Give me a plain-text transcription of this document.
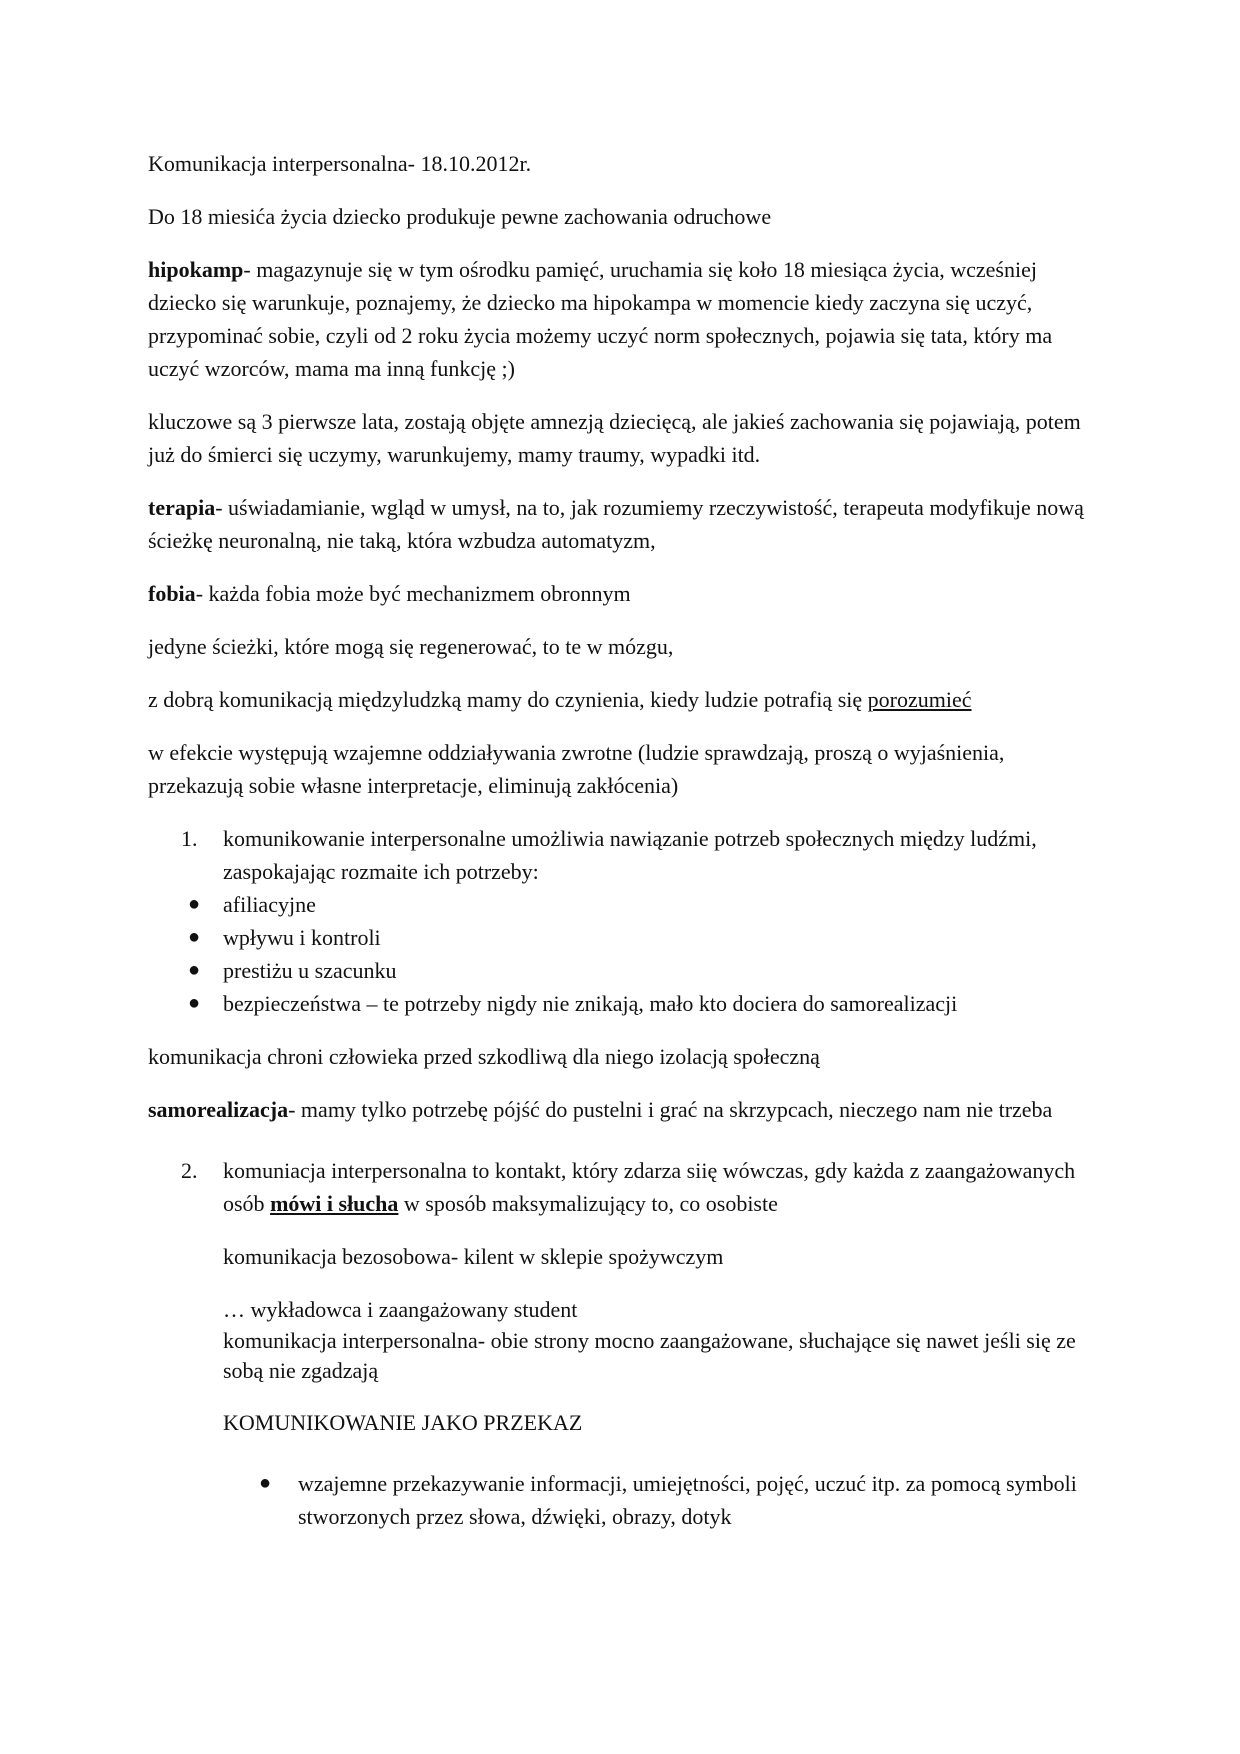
Komunikacja interpersonalna- 18.10.2012r.

Do 18 miesića życia dziecko produkuje pewne zachowania odruchowe

hipokamp- magazynuje się w tym ośrodku pamięć, uruchamia się koło 18 miesiąca życia, wcześniej dziecko się warunkuje, poznajemy, że dziecko ma hipokampa w momencie kiedy zaczyna się uczyć, przypominać sobie, czyli od 2 roku życia możemy uczyć norm społecznych, pojawia się tata, który ma uczyć wzorców, mama ma inną funkcję ;)

kluczowe są 3 pierwsze lata, zostają objęte amnezją dziecięcą, ale jakieś zachowania się pojawiają, potem już do śmierci się uczymy, warunkujemy, mamy traumy, wypadki itd.

terapia- uświadamianie, wgląd w umysł, na to, jak rozumiemy rzeczywistość, terapeuta modyfikuje nową ścieżkę neuronalną, nie taką, która wzbudza automatyzm,

fobia- każda fobia może być mechanizmem obronnym

jedyne ścieżki, które mogą się regenerować, to te w mózgu,

z dobrą komunikacją międzyludzką mamy do czynienia, kiedy ludzie potrafią się porozumieć

w efekcie występują wzajemne oddziaływania zwrotne (ludzie sprawdzają, proszą o wyjaśnienia, przekazują sobie własne interpretacje, eliminują zakłócenia)

1. komunikowanie interpersonalne umożliwia nawiązanie potrzeb społecznych między ludźmi, zaspokajając rozmaite ich potrzeby:
● afiliacyjne
● wpływu i kontroli
● prestiżu u szacunku
● bezpieczeństwa – te potrzeby nigdy nie znikają, mało kto dociera do samorealizacji

komunikacja chroni człowieka przed szkodliwą dla niego izolacją społeczną

samorealizacja- mamy tylko potrzebę pójść do pustelni i grać na skrzypcach, nieczego nam nie trzeba

2. komuniacja interpersonalna to kontakt, który zdarza siię wówczas, gdy każda z zaangażowanych osób mówi i słucha w sposób maksymalizujący to, co osobiste

komunikacja bezosobowa- kilent w sklepie spożywczym

… wykładowca i zaangażowany student

komunikacja interpersonalna- obie strony mocno zaangażowane, słuchające się nawet jeśli się ze sobą nie zgadzają

KOMUNIKOWANIE JAKO PRZEKAZ

● wzajemne przekazywanie informacji, umiejętności, pojęć, uczuć itp. za pomocą symboli stworzonych przez słowa, dźwięki, obrazy, dotyk
